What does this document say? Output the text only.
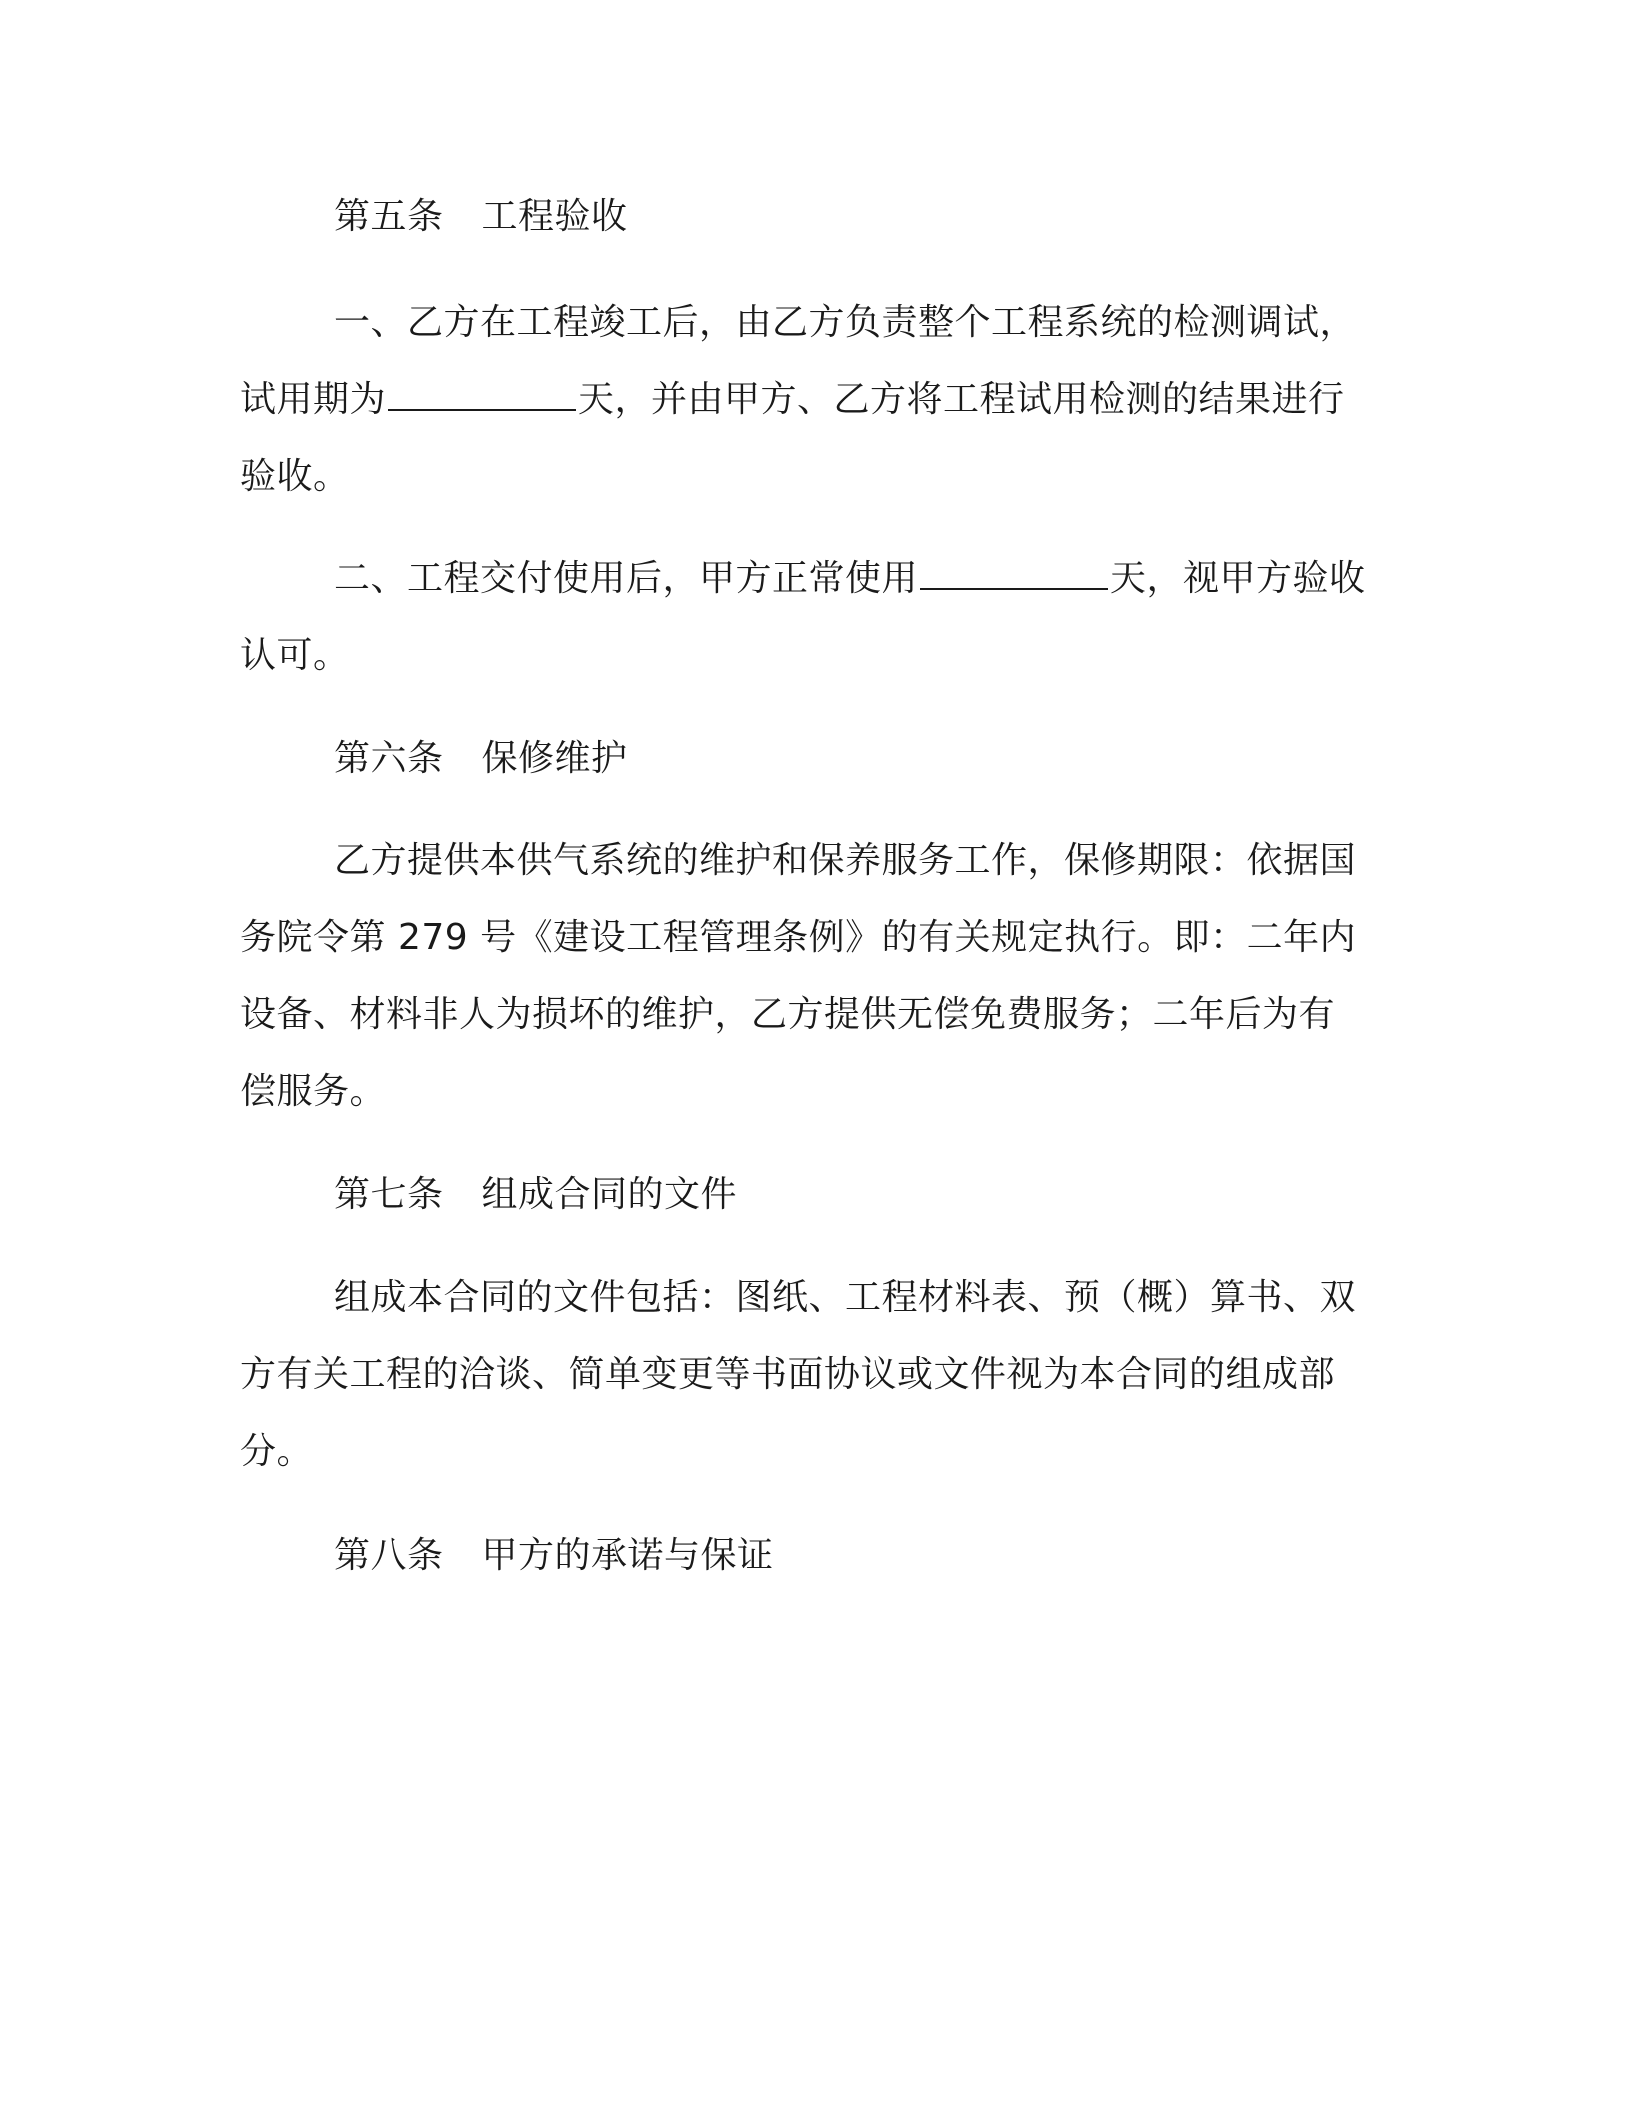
第五条 工程验收
一、乙方在工程竣工后，由乙方负责整个工程系统的检测调试，
试用期为	天，并由甲方、乙方将工程试用检测的结果进行
验收。
二、工程交付使用后，甲方正常使用	天，视甲方验收
认可。
第六条 保修维护
乙方提供本供气系统的维护和保养服务工作，保修期限：依据国
务院令第 279 号《建设工程管理条例》的有关规定执行。即：二年内
设备、材料非人为损坏的维护，乙方提供无偿免费服务；二年后为有
偿服务。
第七条 组成合同的文件
组成本合同的文件包括：图纸、工程材料表、预（概）算书、双
方有关工程的洽谈、简单变更等书面协议或文件视为本合同的组成部
分。
第八条 甲方的承诺与保证
